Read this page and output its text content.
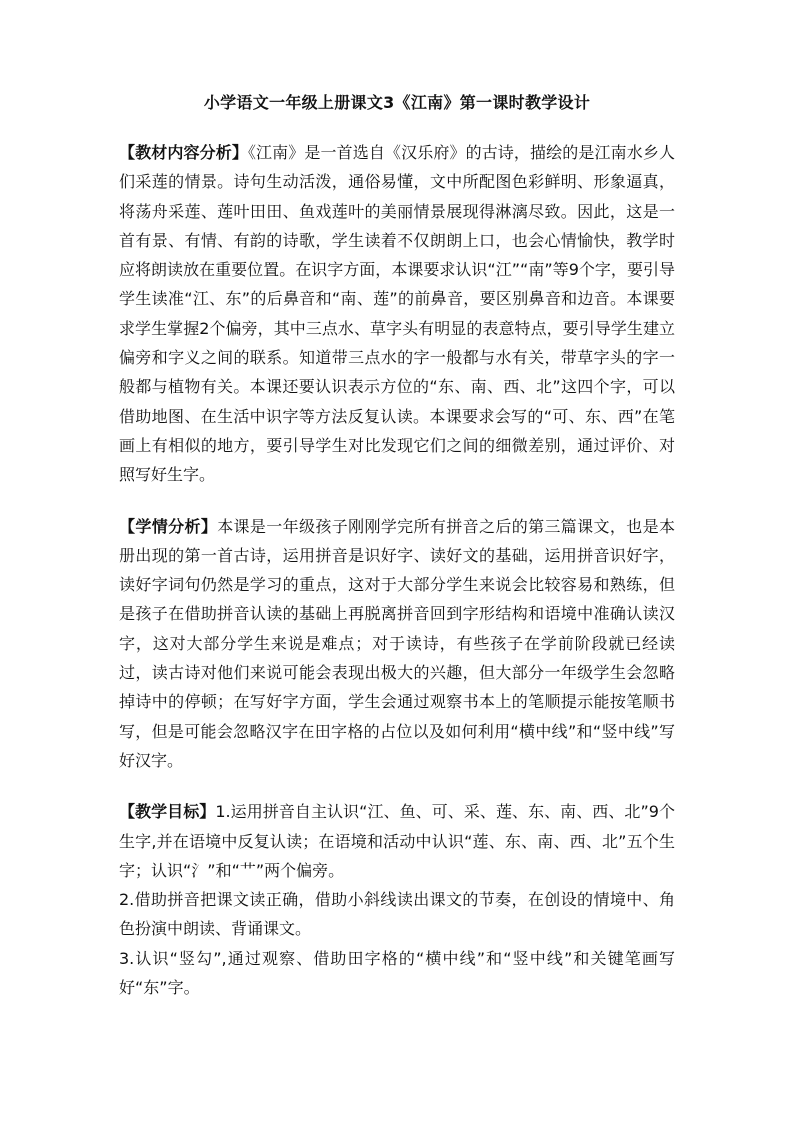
小学语文一年级上册课文3《江南》第一课时教学设计

【教材内容分析】《江南》是一首选自《汉乐府》的古诗，描绘的是江南水乡人们采莲的情景。诗句生动活泼，通俗易懂，文中所配图色彩鲜明、形象逼真，将荡舟采莲、莲叶田田、鱼戏莲叶的美丽情景展现得淋漓尽致。因此，这是一首有景、有情、有韵的诗歌，学生读着不仅朗朗上口，也会心情愉快，教学时应将朗读放在重要位置。在识字方面，本课要求认识“江”“南”等9个字，要引导学生读准“江、东”的后鼻音和“南、莲”的前鼻音，要区别鼻音和边音。本课要求学生掌握2个偏旁，其中三点水、草字头有明显的表意特点，要引导学生建立偏旁和字义之间的联系。知道带三点水的字一般都与水有关，带草字头的字一般都与植物有关。本课还要认识表示方位的“东、南、西、北”这四个字，可以借助地图、在生活中识字等方法反复认读。本课要求会写的“可、东、西”在笔画上有相似的地方，要引导学生对比发现它们之间的细微差别，通过评价、对照写好生字。

【学情分析】本课是一年级孩子刚刚学完所有拼音之后的第三篇课文，也是本册出现的第一首古诗，运用拼音是识好字、读好文的基础，运用拼音识好字，读好字词句仍然是学习的重点，这对于大部分学生来说会比较容易和熟练，但是孩子在借助拼音认读的基础上再脱离拼音回到字形结构和语境中准确认读汉字，这对大部分学生来说是难点；对于读诗，有些孩子在学前阶段就已经读过，读古诗对他们来说可能会表现出极大的兴趣，但大部分一年级学生会忽略掉诗中的停顿；在写好字方面，学生会通过观察书本上的笔顺提示能按笔顺书写，但是可能会忽略汉字在田字格的占位以及如何利用“横中线”和“竖中线”写好汉字。

【教学目标】1.运用拼音自主认识“江、鱼、可、采、莲、东、南、西、北”9个生字,并在语境中反复认读；在语境和活动中认识“莲、东、南、西、北”五个生字；认识“氵”和“艹”两个偏旁。

2.借助拼音把课文读正确，借助小斜线读出课文的节奏，在创设的情境中、角色扮演中朗读、背诵课文。

3.认识“竖勾”,通过观察、借助田字格的“横中线”和“竖中线”和关键笔画写好“东”字。
